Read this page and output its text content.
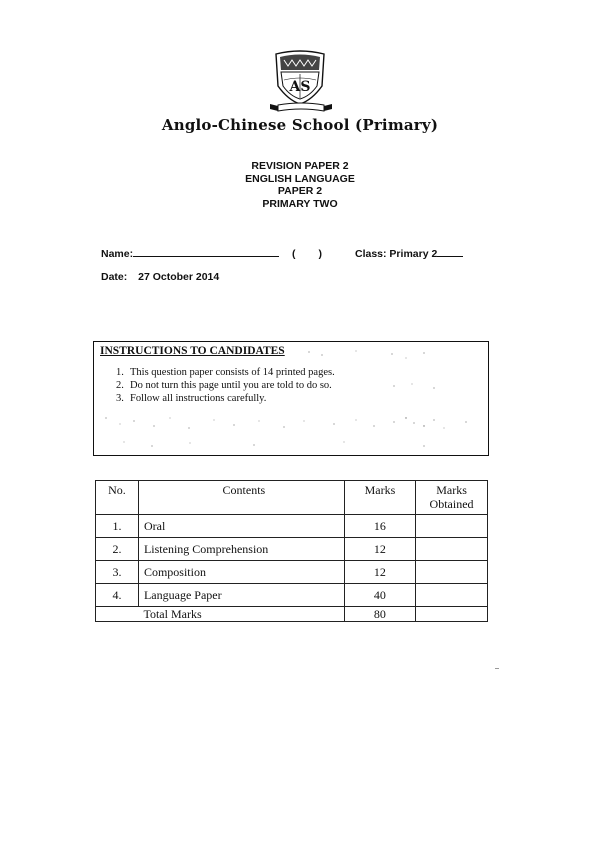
AS
Anglo-Chinese School (Primary)
REVISION PAPER 2
ENGLISH LANGUAGE
PAPER 2
PRIMARY TWO
Name:	( )	Class: Primary 2
Date: 27 October 2014
INSTRUCTIONS TO CANDIDATES
1. This question paper consists of 14 printed pages.
2. Do not turn this page until you are told to do so.
3. Follow all instructions carefully.
No.	Contents	Marks	Marks Obtained
1.	Oral	16	
2.	Listening Comprehension	12	
3.	Composition	12	
4.	Language Paper	40	
	Total Marks	80	
